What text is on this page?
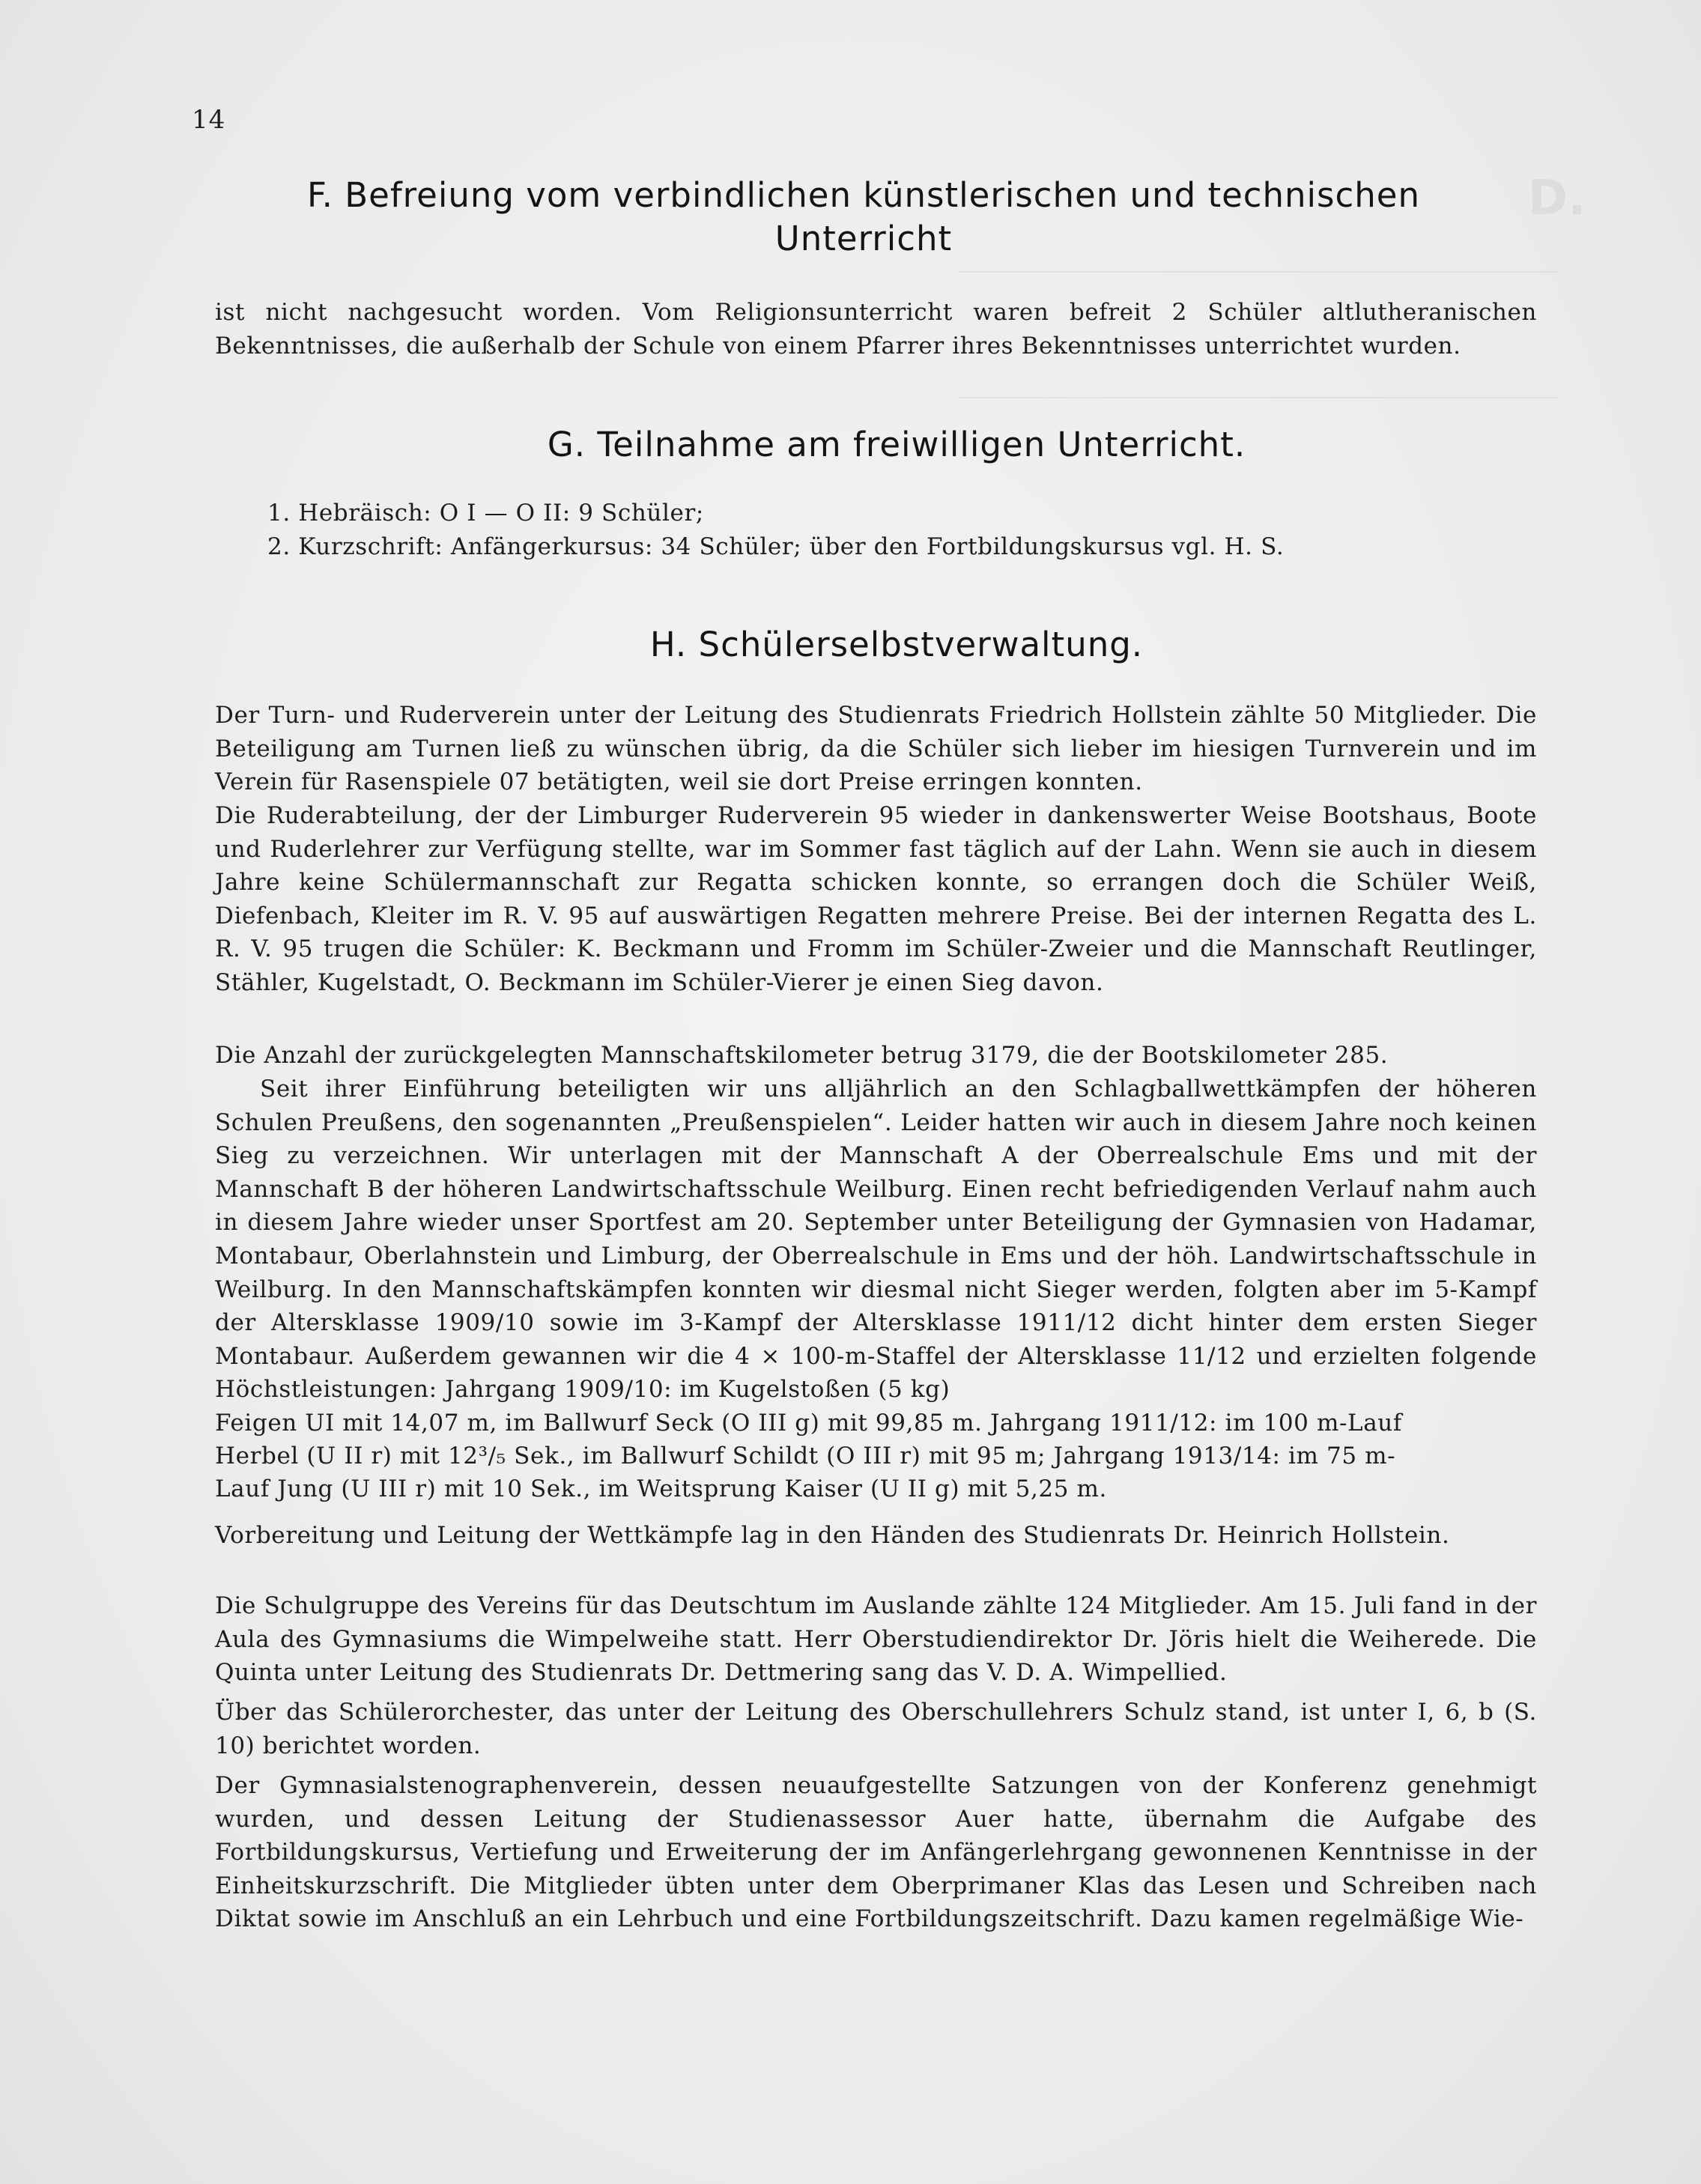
D.
14
F. Befreiung vom verbindlichen künstlerischen und technischen
Unterricht
ist nicht nachgesucht worden. Vom Religionsunterricht waren befreit 2 Schüler altlutheranischen Bekenntnisses, die außerhalb der Schule von einem Pfarrer ihres Bekenntnisses unterrichtet wurden.
G. Teilnahme am freiwilligen Unterricht.
1. Hebräisch: O I — O II: 9 Schüler;
2. Kurzschrift: Anfängerkursus: 34 Schüler; über den Fortbildungskursus vgl. H. S.
H. Schülerselbstverwaltung.
Der Turn- und Ruderverein unter der Leitung des Studienrats Friedrich Hollstein zählte 50 Mitglieder. Die Beteiligung am Turnen ließ zu wünschen übrig, da die Schüler sich lieber im hiesigen Turnverein und im Verein für Rasenspiele 07 betätigten, weil sie dort Preise erringen konnten.
Die Ruderabteilung, der der Limburger Ruderverein 95 wieder in dankenswerter Weise Bootshaus, Boote und Ruderlehrer zur Verfügung stellte, war im Sommer fast täglich auf der Lahn. Wenn sie auch in diesem Jahre keine Schülermannschaft zur Regatta schicken konnte, so errangen doch die Schüler Weiß, Diefenbach, Kleiter im R. V. 95 auf auswärtigen Regatten mehrere Preise. Bei der internen Regatta des L. R. V. 95 trugen die Schüler: K. Beckmann und Fromm im Schüler-Zweier und die Mannschaft Reutlinger, Stähler, Kugelstadt, O. Beckmann im Schüler-Vierer je einen Sieg davon.
Die Anzahl der zurückgelegten Mannschaftskilometer betrug 3179, die der Bootskilometer 285.
Seit ihrer Einführung beteiligten wir uns alljährlich an den Schlagballwettkämpfen der höheren Schulen Preußens, den sogenannten „Preußenspielen“. Leider hatten wir auch in diesem Jahre noch keinen Sieg zu verzeichnen. Wir unterlagen mit der Mannschaft A der Oberrealschule Ems und mit der Mannschaft B der höheren Landwirtschaftsschule Weilburg. Einen recht befriedigenden Verlauf nahm auch in diesem Jahre wieder unser Sportfest am 20. September unter Beteiligung der Gymnasien von Hadamar, Montabaur, Oberlahnstein und Limburg, der Oberrealschule in Ems und der höh. Landwirtschaftsschule in Weilburg. In den Mannschaftskämpfen konnten wir diesmal nicht Sieger werden, folgten aber im 5-Kampf der Altersklasse 1909/10 sowie im 3-Kampf der Altersklasse 1911/12 dicht hinter dem ersten Sieger Montabaur. Außerdem gewannen wir die 4 × 100-m-Staffel der Altersklasse 11/12 und erzielten folgende Höchstleistungen: Jahrgang 1909/10: im Kugelstoßen (5 kg)
Feigen UI mit 14,07 m, im Ballwurf Seck (O III g) mit 99,85 m. Jahrgang 1911/12: im 100 m-Lauf
Herbel (U II r) mit 12³/₅ Sek., im Ballwurf Schildt (O III r) mit 95 m; Jahrgang 1913/14: im 75 m-
Lauf Jung (U III r) mit 10 Sek., im Weitsprung Kaiser (U II g) mit 5,25 m.
Vorbereitung und Leitung der Wettkämpfe lag in den Händen des Studienrats Dr. Heinrich Hollstein.
Die Schulgruppe des Vereins für das Deutschtum im Auslande zählte 124 Mitglieder. Am 15. Juli fand in der Aula des Gymnasiums die Wimpelweihe statt. Herr Oberstudiendirektor Dr. Jöris hielt die Weiherede. Die Quinta unter Leitung des Studienrats Dr. Dettmering sang das V. D. A. Wimpellied.
Über das Schülerorchester, das unter der Leitung des Oberschullehrers Schulz stand, ist unter I, 6, b (S. 10) berichtet worden.
Der Gymnasialstenographenverein, dessen neuaufgestellte Satzungen von der Konferenz genehmigt wurden, und dessen Leitung der Studienassessor Auer hatte, übernahm die Aufgabe des Fortbildungskursus, Vertiefung und Erweiterung der im Anfängerlehrgang gewonnenen Kenntnisse in der Einheitskurzschrift. Die Mitglieder übten unter dem Oberprimaner Klas das Lesen und Schreiben nach Diktat sowie im Anschluß an ein Lehrbuch und eine Fortbildungszeitschrift. Dazu kamen regelmäßige Wie-
